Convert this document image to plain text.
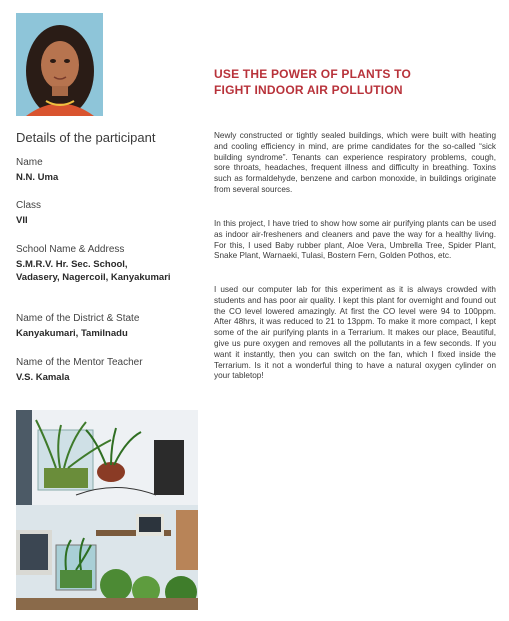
USE THE POWER OF PLANTS TO
FIGHT INDOOR AIR POLLUTION
Details of the participant
Name
N.N. Uma
Class
VII
School Name & Address
S.M.R.V. Hr. Sec. School,
Vadasery, Nagercoil, Kanyakumari
Name of the District & State
Kanyakumari, Tamilnadu
Name of the Mentor Teacher
V.S. Kamala

Newly constructed or tightly sealed buildings, which were built with heating and cooling efficiency in mind, are prime candidates for the so-called “sick building syndrome”. Tenants can experience respiratory problems, cough, sore throats, headaches, frequent illness and difficulty in breathing. Toxins such as formaldehyde, benzene and carbon monoxide, in buildings originate from several sources.

In this project, I have tried to show how some air purifying plants can be used as indoor air-fresheners and cleaners and pave the way for a healthy living. For this, I used Baby rubber plant, Aloe Vera, Umbrella Tree, Spider Plant, Snake Plant, Warnaeki, Tulasi, Bostern Fern, Golden Pothos, etc.

I used our computer lab for this experiment as it is always crowded with students and has poor air quality. I kept this plant for overnight and found out the CO level lowered amazingly. At first the CO level were 94 to 100ppm. After 48hrs, it was reduced to 21 to 13ppm. To make it more compact, I kept some of the air purifying plants in a Terrarium. It makes our place, Beautiful, give us pure oxygen and removes all the pollutants in a few seconds. If you want it instantly, then you can switch on the fan, which I fixed inside the Terrarium. Is it not a wonderful thing to have a natural oxygen cylinder on your tabletop!
